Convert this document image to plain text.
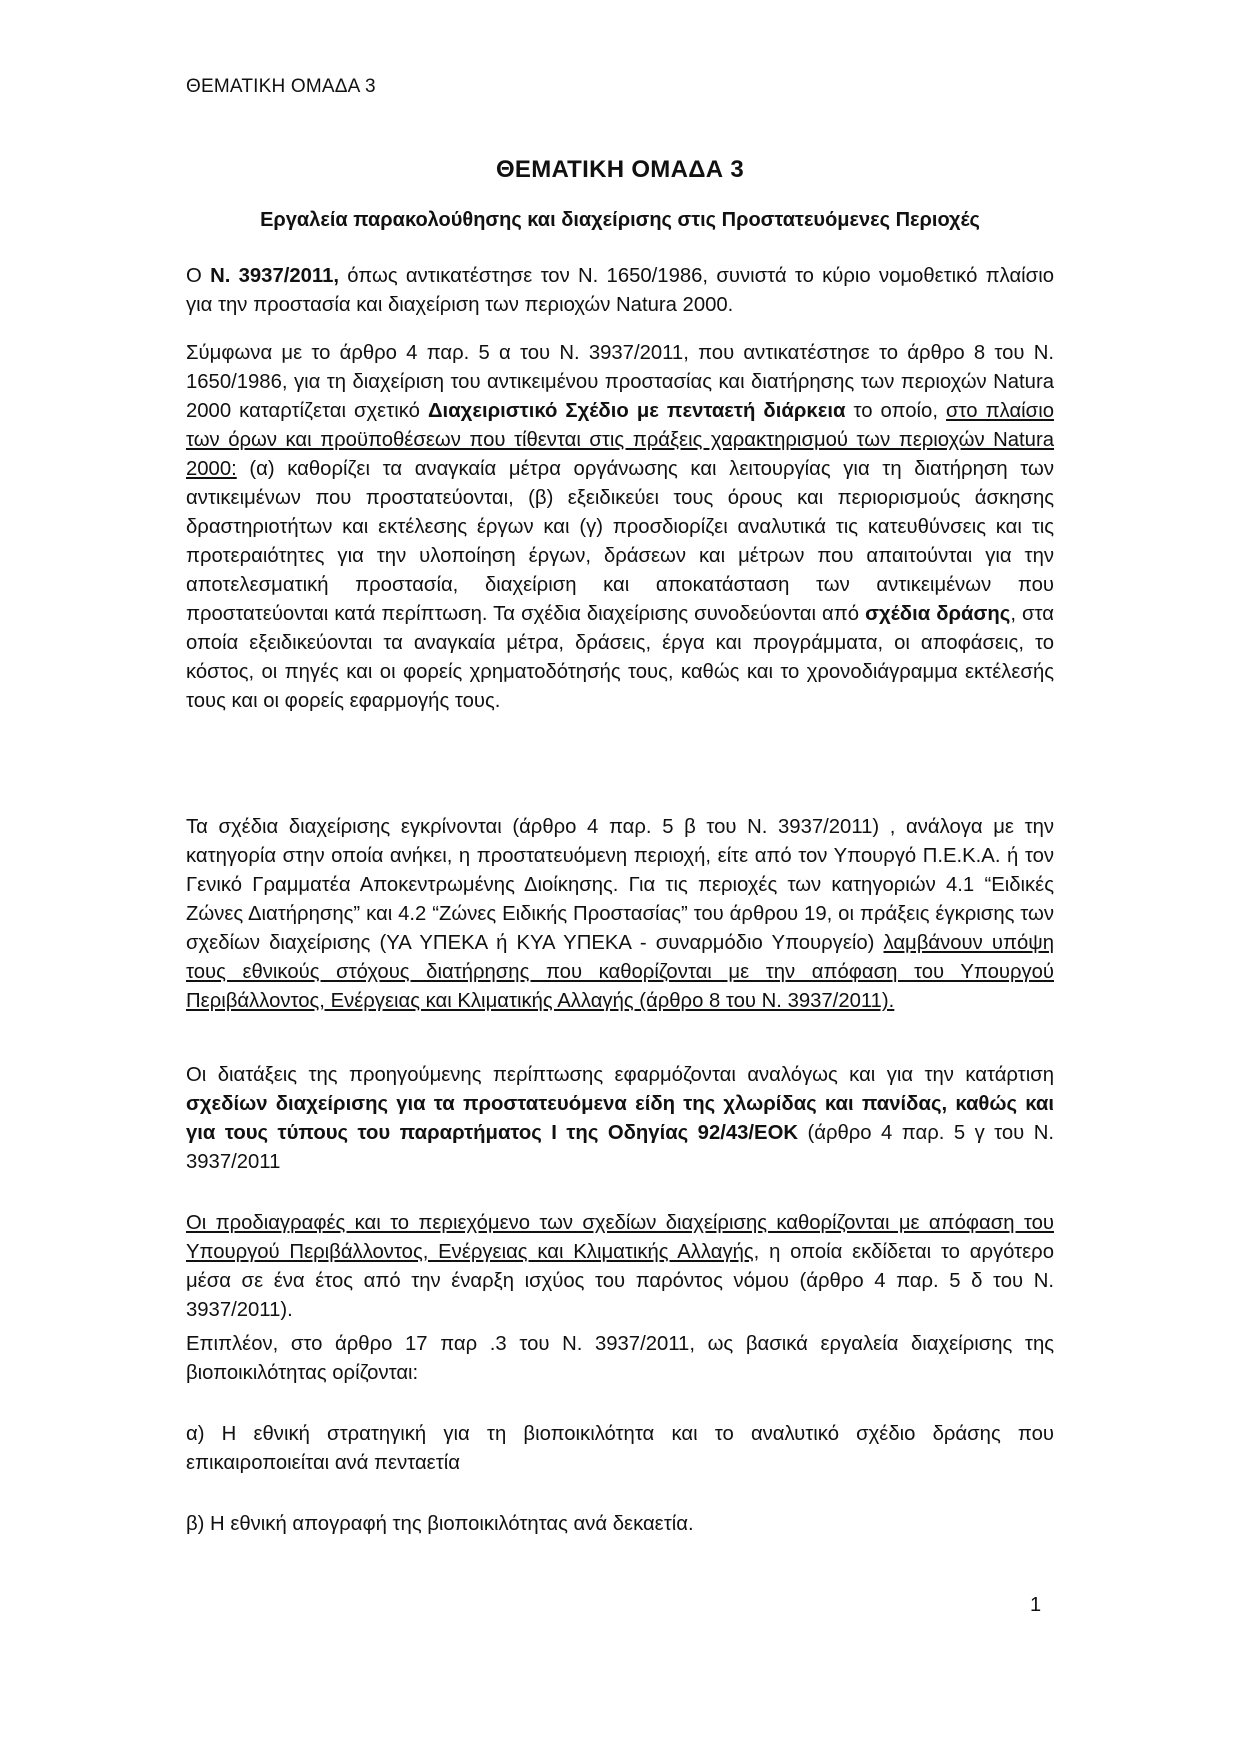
ΘΕΜΑΤΙΚΗ ΟΜΑΔΑ 3
ΘΕΜΑΤΙΚΗ ΟΜΑΔΑ 3
Εργαλεία παρακολούθησης και διαχείρισης στις Προστατευόμενες Περιοχές
Ο Ν. 3937/2011, όπως αντικατέστησε τον Ν. 1650/1986, συνιστά το κύριο νομοθετικό πλαίσιο για την προστασία και διαχείριση των περιοχών Natura 2000.
Σύμφωνα με το άρθρο 4 παρ. 5 α του Ν. 3937/2011, που αντικατέστησε το άρθρο 8 του Ν. 1650/1986, για τη διαχείριση του αντικειμένου προστασίας και διατήρησης των περιοχών Natura 2000 καταρτίζεται σχετικό Διαχειριστικό Σχέδιο με πενταετή διάρκεια το οποίο, στο πλαίσιο των όρων και προϋποθέσεων που τίθενται στις πράξεις χαρακτηρισμού των περιοχών Natura 2000: (α) καθορίζει τα αναγκαία μέτρα οργάνωσης και λειτουργίας για τη διατήρηση των αντικειμένων που προστατεύονται, (β) εξειδικεύει τους όρους και περιορισμούς άσκησης δραστηριοτήτων και εκτέλεσης έργων και (γ) προσδιορίζει αναλυτικά τις κατευθύνσεις και τις προτεραιότητες για την υλοποίηση έργων, δράσεων και μέτρων που απαιτούνται για την αποτελεσματική προστασία, διαχείριση και αποκατάσταση των αντικειμένων που προστατεύονται κατά περίπτωση. Τα σχέδια διαχείρισης συνοδεύονται από σχέδια δράσης, στα οποία εξειδικεύονται τα αναγκαία μέτρα, δράσεις, έργα και προγράμματα, οι αποφάσεις, το κόστος, οι πηγές και οι φορείς χρηματοδότησής τους, καθώς και το χρονοδιάγραμμα εκτέλεσής τους και οι φορείς εφαρμογής τους.
Τα σχέδια διαχείρισης εγκρίνονται (άρθρο 4 παρ. 5 β του Ν. 3937/2011) , ανάλογα με την κατηγορία στην οποία ανήκει, η προστατευόμενη περιοχή, είτε από τον Υπουργό Π.Ε.Κ.Α. ή τον Γενικό Γραμματέα Αποκεντρωμένης Διοίκησης. Για τις περιοχές των κατηγοριών 4.1 “Ειδικές Ζώνες Διατήρησης” και 4.2 “Ζώνες Ειδικής Προστασίας” του άρθρου 19, οι πράξεις έγκρισης των σχεδίων διαχείρισης (ΥΑ ΥΠΕΚΑ ή ΚΥΑ ΥΠΕΚΑ - συναρμόδιο Υπουργείο) λαμβάνουν υπόψη τους εθνικούς στόχους διατήρησης που καθορίζονται με την απόφαση του Υπουργού Περιβάλλοντος, Ενέργειας και Κλιματικής Αλλαγής (άρθρο 8 του Ν. 3937/2011).
Οι διατάξεις της προηγούμενης περίπτωσης εφαρμόζονται αναλόγως και για την κατάρτιση σχεδίων διαχείρισης για τα προστατευόμενα είδη της χλωρίδας και πανίδας, καθώς και για τους τύπους του παραρτήματος Ι της Οδηγίας 92/43/ΕΟΚ (άρθρο 4 παρ. 5 γ του Ν. 3937/2011
Οι προδιαγραφές και το περιεχόμενο των σχεδίων διαχείρισης καθορίζονται με απόφαση του Υπουργού Περιβάλλοντος, Ενέργειας και Κλιματικής Αλλαγής, η οποία εκδίδεται το αργότερο μέσα σε ένα έτος από την έναρξη ισχύος του παρόντος νόμου (άρθρο 4 παρ. 5 δ του Ν. 3937/2011).
Επιπλέον, στο άρθρο 17 παρ .3 του Ν. 3937/2011, ως βασικά εργαλεία διαχείρισης της βιοποικιλότητας ορίζονται:
α) Η εθνική στρατηγική για τη βιοποικιλότητα και το αναλυτικό σχέδιο δράσης που επικαιροποιείται ανά πενταετία
β) Η εθνική απογραφή της βιοποικιλότητας ανά δεκαετία.
1
